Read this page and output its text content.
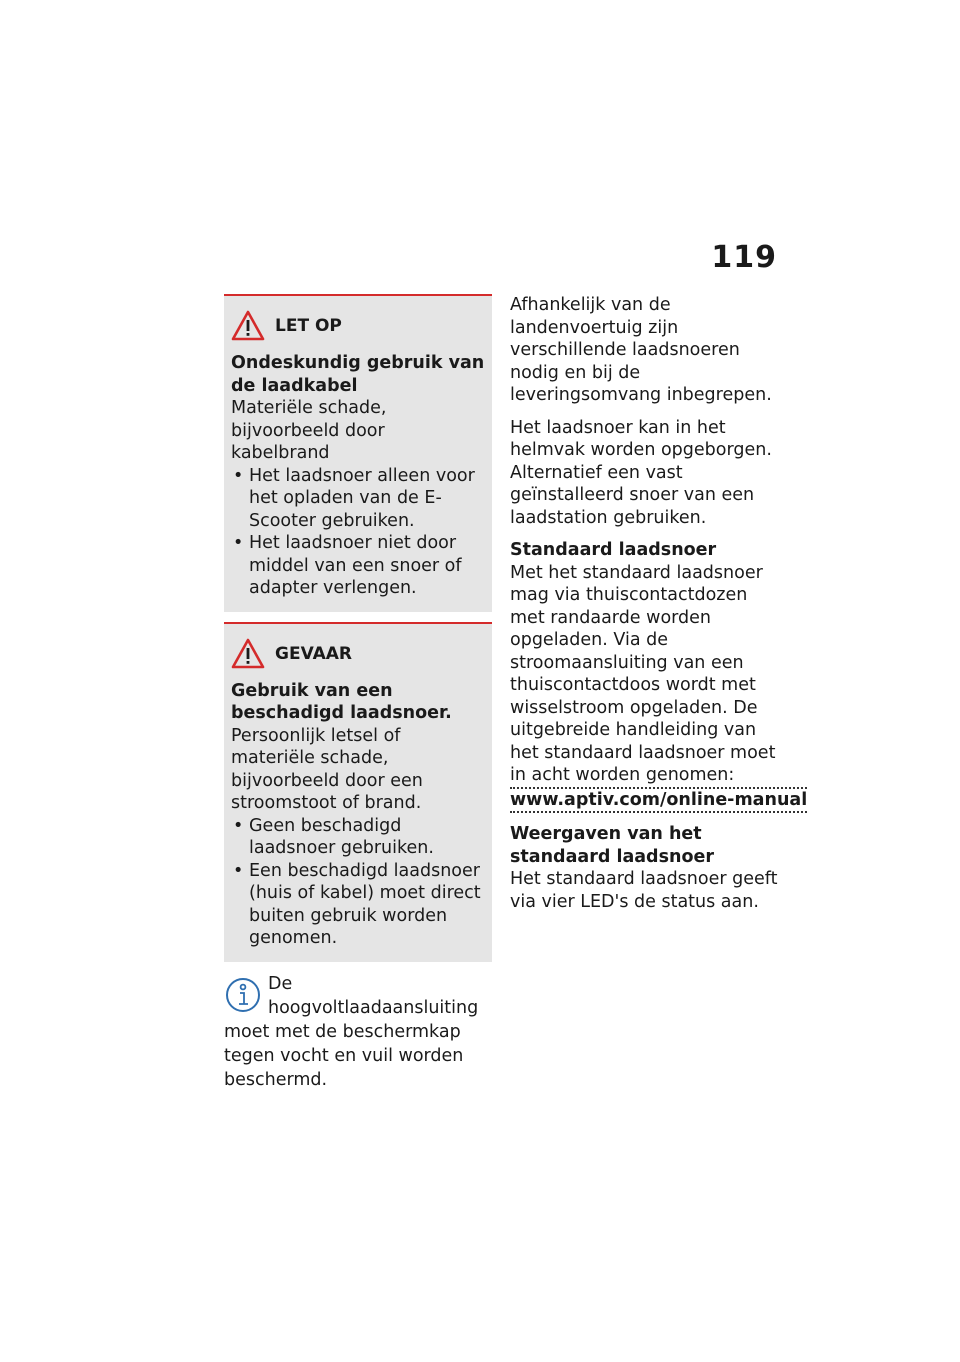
119
LET OP
Ondeskundig gebruik van de laadkabel
Materiële schade, bijvoorbeeld door kabelbrand
• Het laadsnoer alleen voor het opladen van de E-Scooter gebruiken.
• Het laadsnoer niet door middel van een snoer of adapter verlengen.
GEVAAR
Gebruik van een beschadigd laadsnoer.
Persoonlijk letsel of materiële schade, bijvoorbeeld door een stroomstoot of brand.
• Geen beschadigd laadsnoer gebruiken.
• Een beschadigd laadsnoer (huis of kabel) moet direct buiten gebruik worden genomen.
De hoogvoltlaadaansluiting moet met de beschermkap tegen vocht en vuil worden beschermd.
Afhankelijk van de landenvoertuig zijn verschillende laadsnoeren nodig en bij de leveringsomvang inbegrepen.
Het laadsnoer kan in het helmvak worden opgeborgen. Alternatief een vast geïnstalleerd snoer van een laadstation gebruiken.
Standaard laadsnoer
Met het standaard laadsnoer mag via thuiscontactdozen met randaarde worden opgeladen. Via de stroomaansluiting van een thuiscontactdoos wordt met wisselstroom opgeladen. De uitgebreide handleiding van het standaard laadsnoer moet in acht worden genomen:
www.aptiv.com/online-manual
Weergaven van het standaard laadsnoer
Het standaard laadsnoer geeft via vier LED's de status aan.
